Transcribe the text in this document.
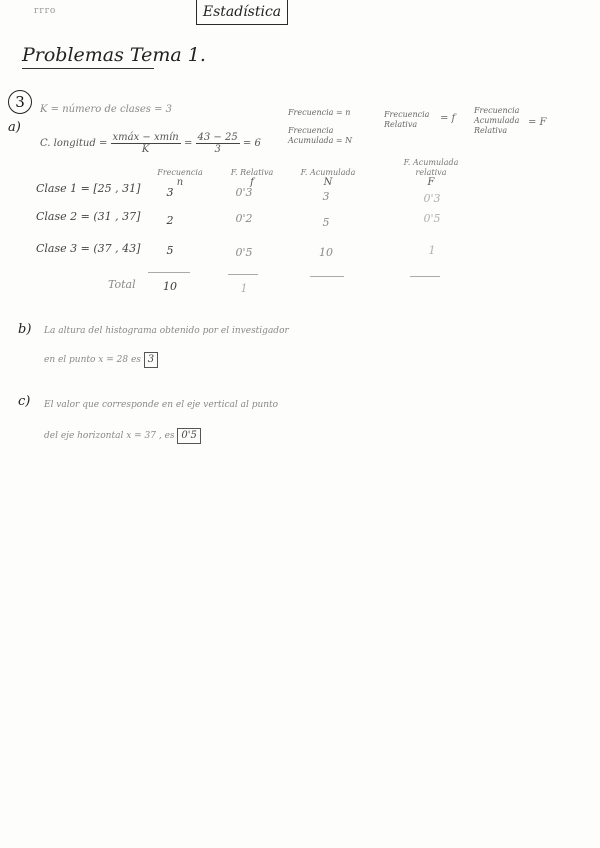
rrro	Estadística
Problemas Tema 1.
3
a)
K = número de clases = 3
C. longitud = $\frac{\text{xmáx − xmín}}{K} = \frac{43 - 25}{3} = 6$
Frecuencia = n
Frecuencia
Acumulada = N
Frecuencia
Relativa
= f
Frecuencia
Acumulada
Relativa
= F
Frecuencia
n
F. Relativa
f
F. Acumulada
N
F. Acumulada relativa
F
Clase 1 = [25 , 31]	3	0'3	3	0'3
Clase 2 = (31 , 37]	2	0'2	5	0'5
Clase 3 = (37 , 43]	5	0'5	10	1
Total	10	1
b) La altura del histograma obtenido por el investigador
en el punto x = 28 es 3
c) El valor que corresponde en el eje vertical al punto
del eje horizontal x = 37 , es 0'5
